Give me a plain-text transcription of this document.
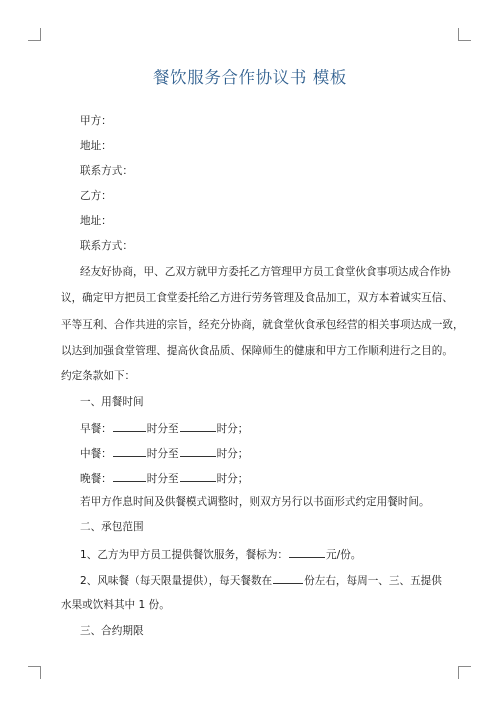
餐饮服务合作协议书 模板
甲方：
地址：
联系方式：
乙方：
地址：
联系方式：
经友好协商，甲、乙双方就甲方委托乙方管理甲方员工食堂伙食事项达成合作协
议，确定甲方把员工食堂委托给乙方进行劳务管理及食品加工，双方本着诚实互信、
平等互利、合作共进的宗旨，经充分协商，就食堂伙食承包经营的相关事项达成一致，
以达到加强食堂管理、提高伙食品质、保障师生的健康和甲方工作顺利进行之目的。
约定条款如下：
一、用餐时间
早餐：	时分至	时分；
中餐：	时分至	时分；
晚餐：	时分至	时分；
若甲方作息时间及供餐模式调整时，则双方另行以书面形式约定用餐时间。
二、承包范围
1、乙方为甲方员工提供餐饮服务，餐标为：	元/份。
2、风味餐（每天限量提供），每天餐数在	份左右，每周一、三、五提供
水果或饮料其中 1 份。
三、合约期限
